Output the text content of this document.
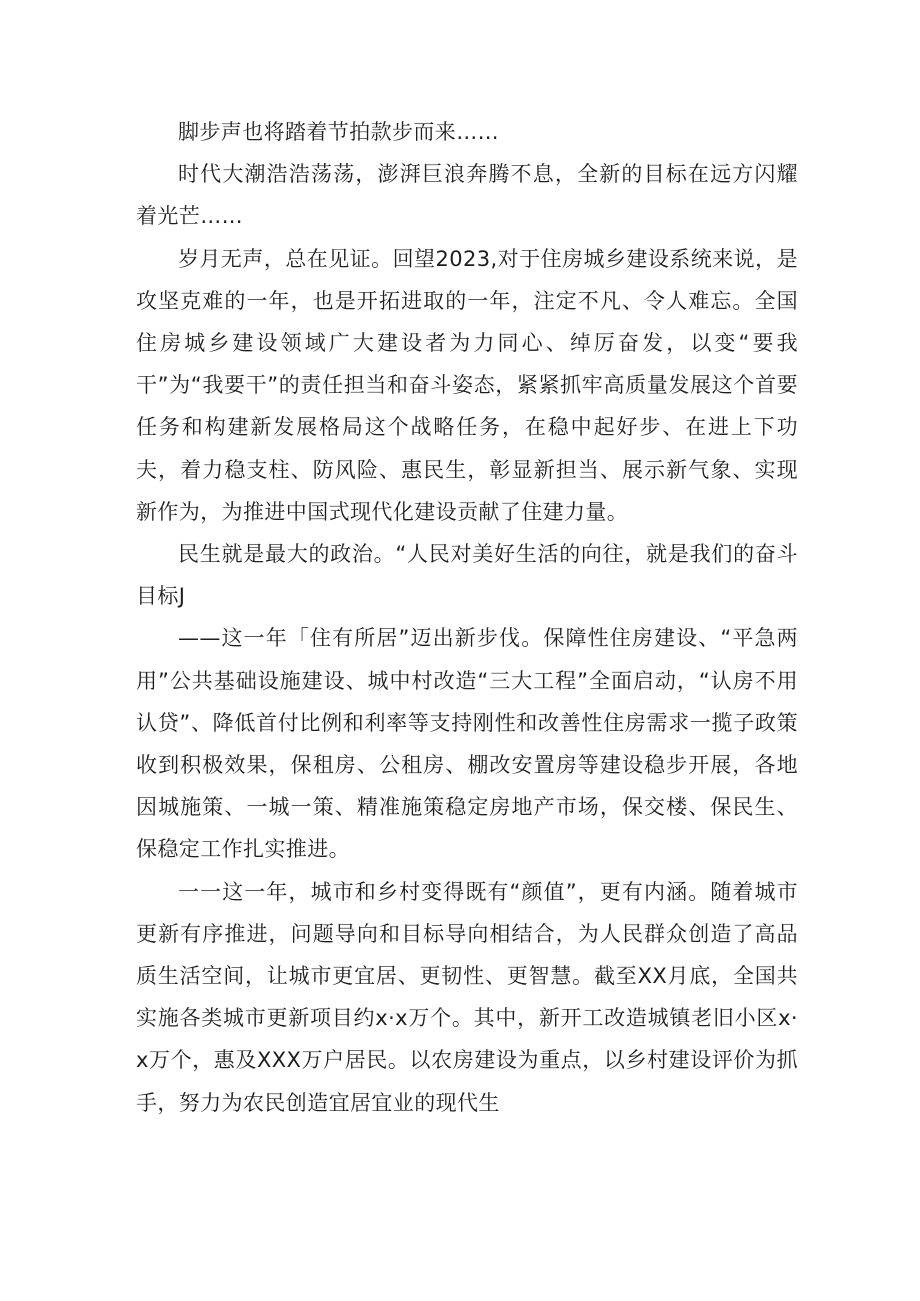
脚步声也将踏着节拍款步而来……

时代大潮浩浩荡荡，澎湃巨浪奔腾不息，全新的目标在远方闪耀着光芒……

岁月无声，总在见证。回望2023,对于住房城乡建设系统来说，是攻坚克难的一年，也是开拓进取的一年，注定不凡、令人难忘。全国住房城乡建设领域广大建设者为力同心、绰厉奋发，以变“要我干”为“我要干”的责任担当和奋斗姿态，紧紧抓牢高质量发展这个首要任务和构建新发展格局这个战略任务，在稳中起好步、在进上下功夫，着力稳支柱、防风险、惠民生，彰显新担当、展示新气象、实现新作为，为推进中国式现代化建设贡献了住建力量。

民生就是最大的政治。“人民对美好生活的向往，就是我们的奋斗目标J

——这一年「住有所居”迈出新步伐。保障性住房建设、“平急两用”公共基础设施建设、城中村改造“三大工程”全面启动，“认房不用认贷”、降低首付比例和利率等支持刚性和改善性住房需求一揽子政策收到积极效果，保租房、公租房、棚改安置房等建设稳步开展，各地因城施策、一城一策、精准施策稳定房地产市场，保交楼、保民生、保稳定工作扎实推进。

一一这一年，城市和乡村变得既有“颜值”，更有内涵。随着城市更新有序推进，问题导向和目标导向相结合，为人民群众创造了高品质生活空间，让城市更宜居、更韧性、更智慧。截至XX月底，全国共实施各类城市更新项目约x·x万个。其中，新开工改造城镇老旧小区x·x万个，惠及XXX万户居民。以农房建设为重点，以乡村建设评价为抓手，努力为农民创造宜居宜业的现代生
